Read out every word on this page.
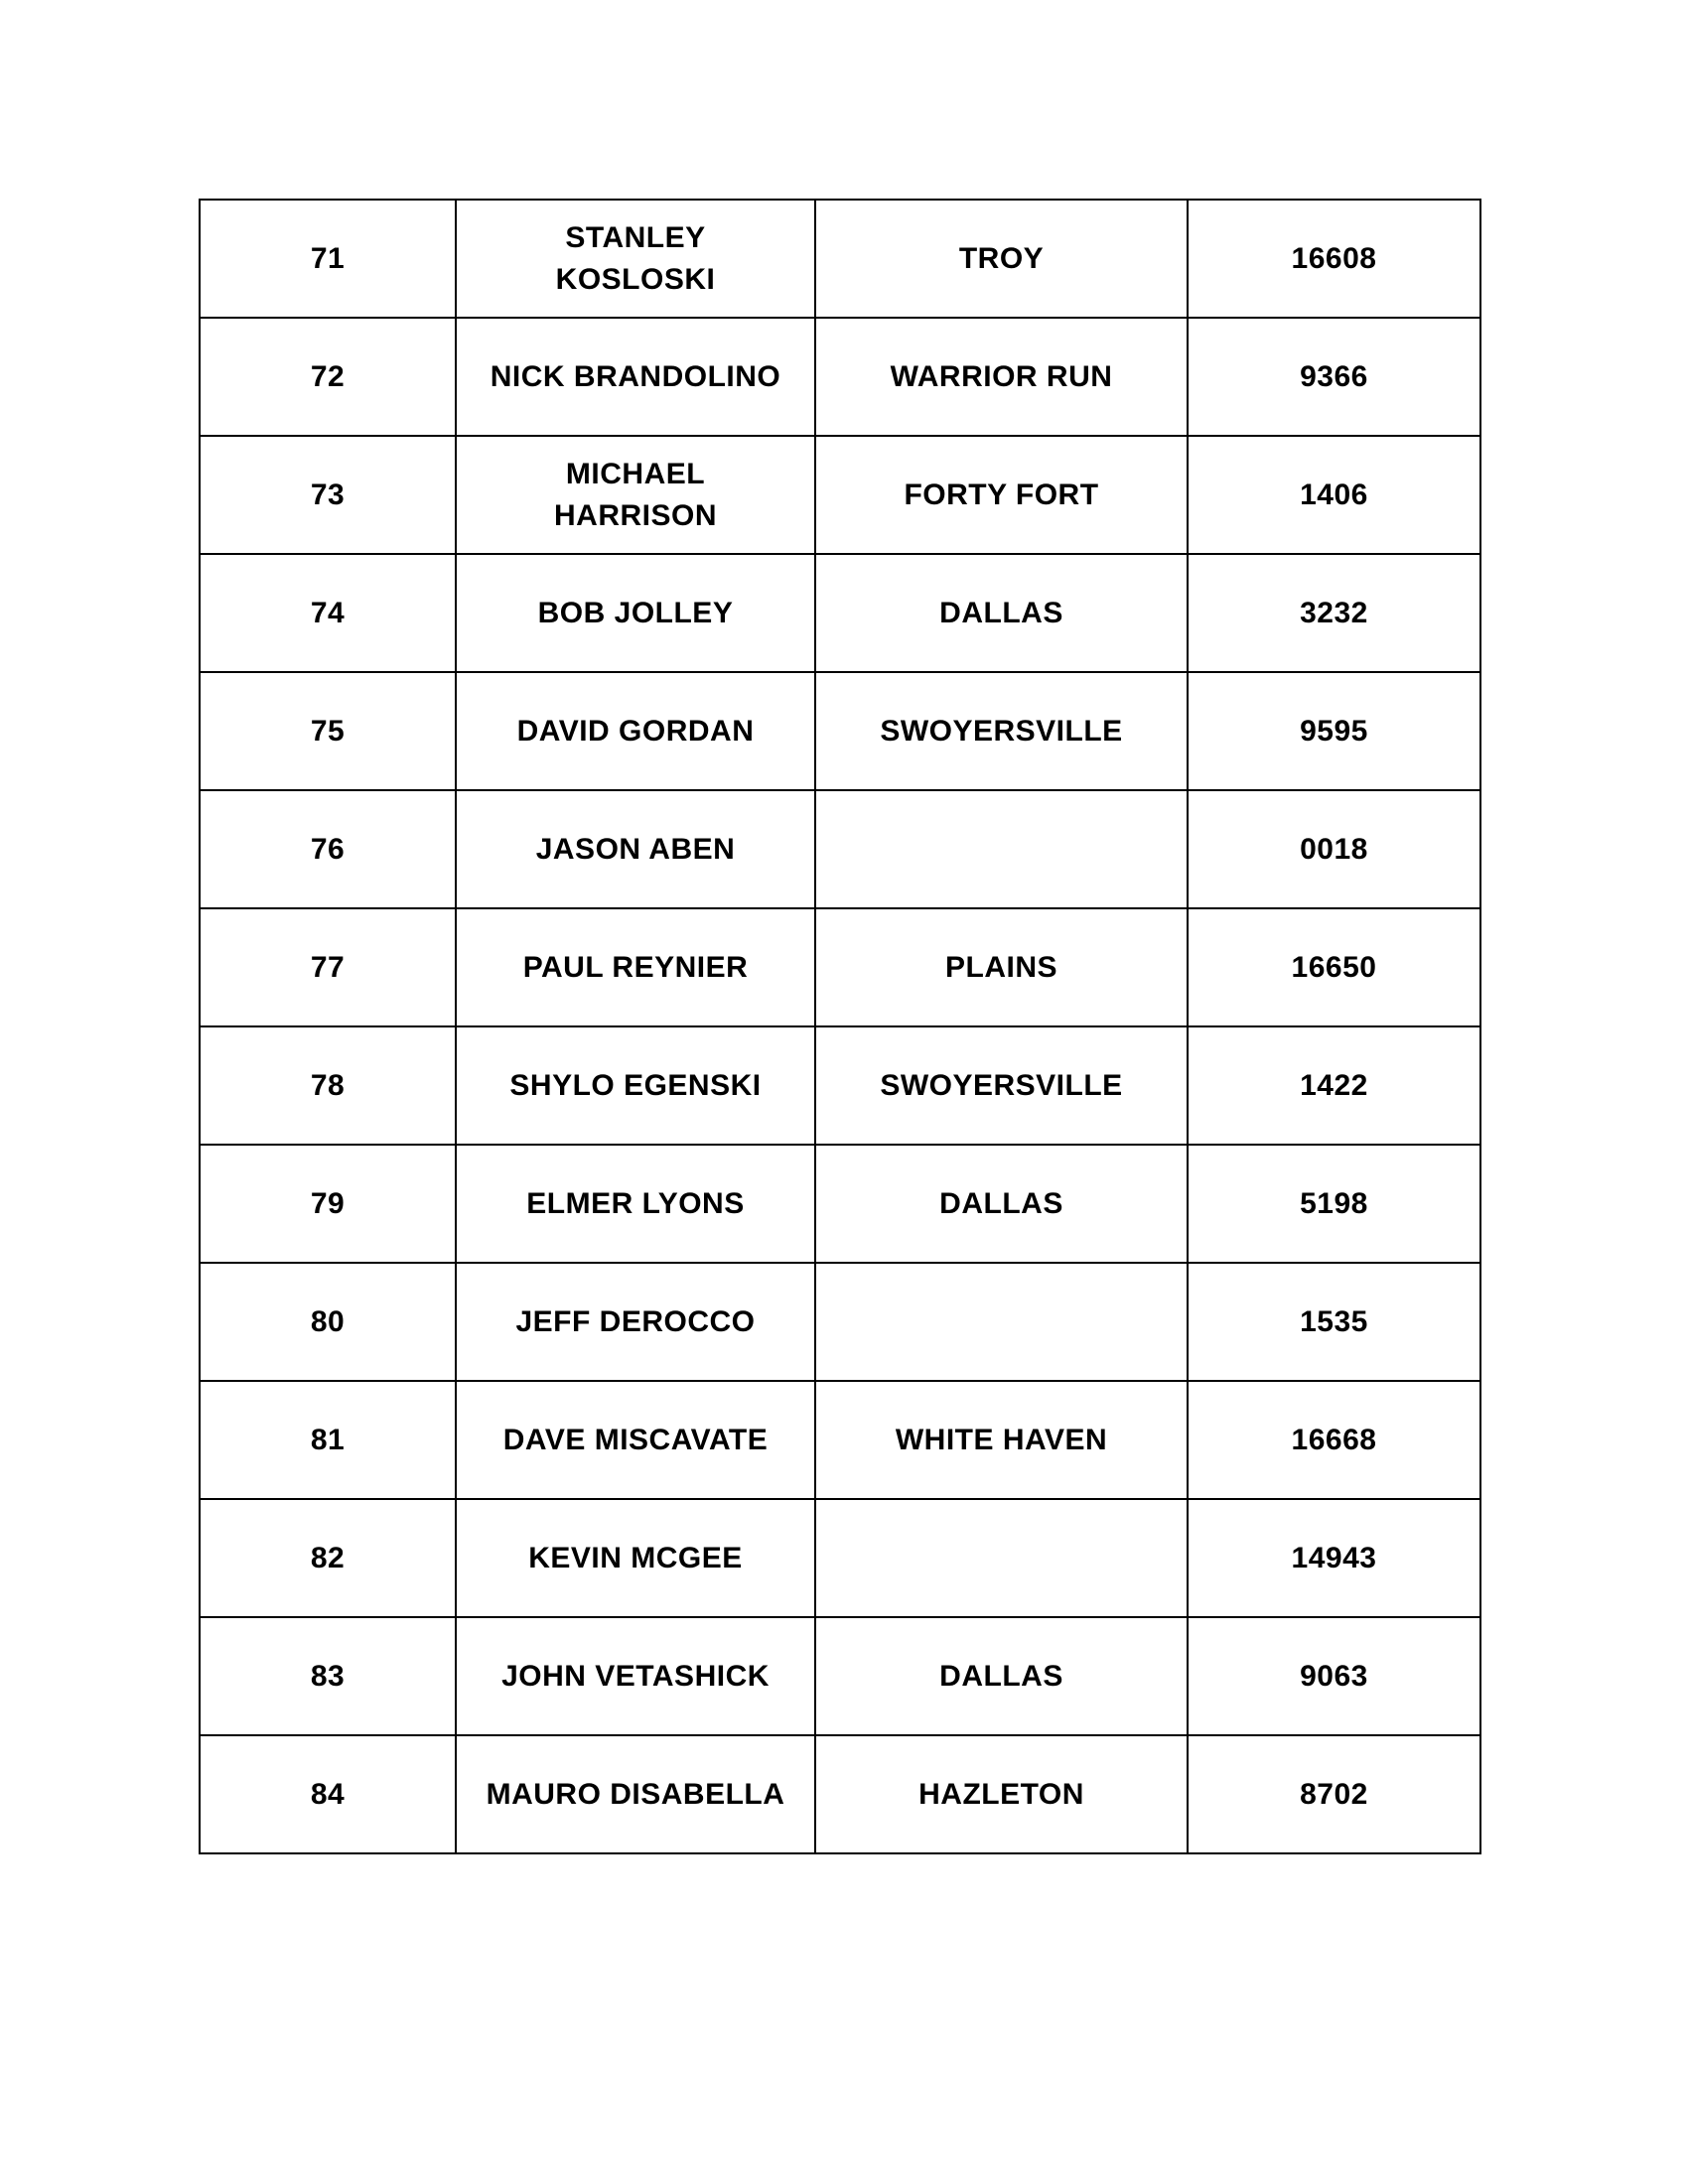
71	STANLEY KOSLOSKI	TROY	16608
72	NICK BRANDOLINO	WARRIOR RUN	9366
73	MICHAEL HARRISON	FORTY FORT	1406
74	BOB JOLLEY	DALLAS	3232
75	DAVID GORDAN	SWOYERSVILLE	9595
76	JASON ABEN		0018
77	PAUL REYNIER	PLAINS	16650
78	SHYLO EGENSKI	SWOYERSVILLE	1422
79	ELMER LYONS	DALLAS	5198
80	JEFF DEROCCO		1535
81	DAVE MISCAVATE	WHITE HAVEN	16668
82	KEVIN MCGEE		14943
83	JOHN VETASHICK	DALLAS	9063
84	MAURO DISABELLA	HAZLETON	8702
